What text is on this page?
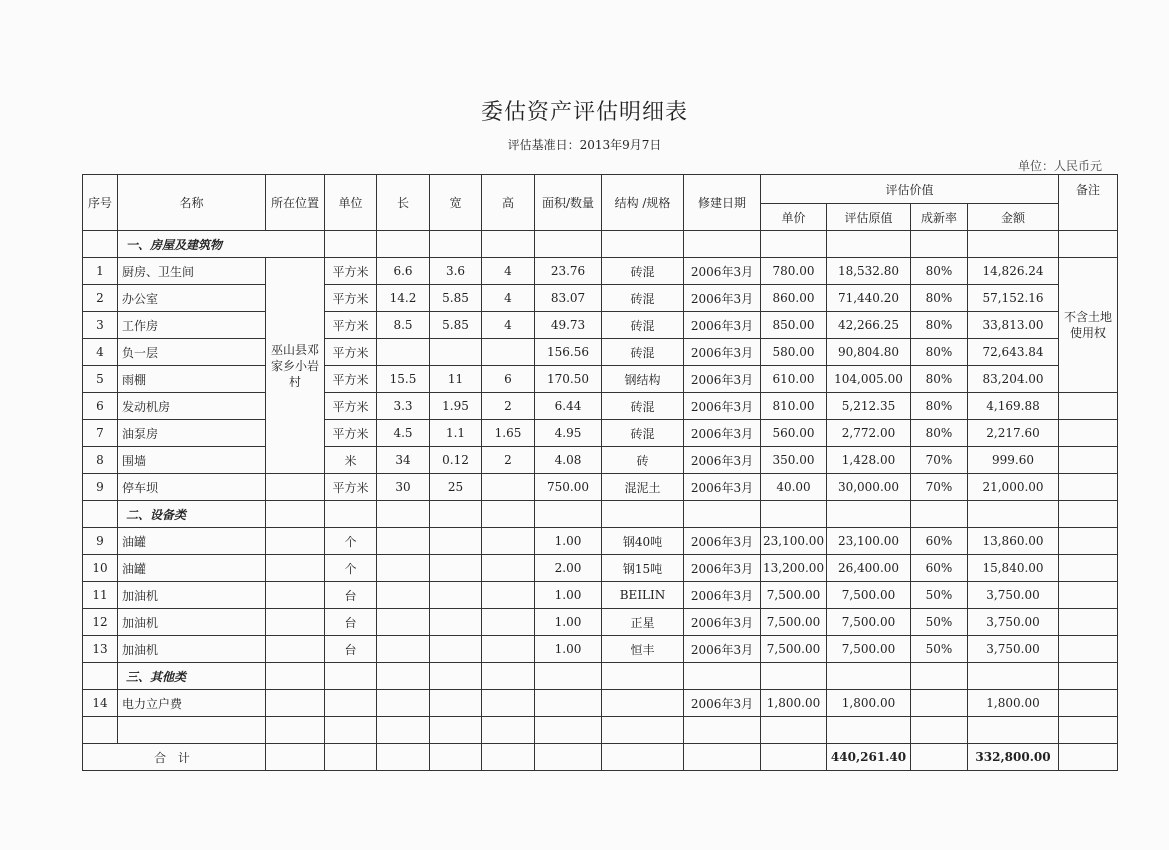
委估资产评估明细表
评估基准日：2013年9月7日
单位：人民币元
序号	名称	所在位置	单位	长	宽	高	面积/数量	结构 /规格	修建日期	评估价值				备注
										单价	评估原值	成新率	金额	
	一、房屋及建筑物													
1	厨房、卫生间	巫山县邓家乡小岩村	平方米	6.6	3.6	4	23.76	砖混	2006年3月	780.00	18,532.80	80%	14,826.24	不含土地使用权
2	办公室		平方米	14.2	5.85	4	83.07	砖混	2006年3月	860.00	71,440.20	80%	57,152.16	
3	工作房		平方米	8.5	5.85	4	49.73	砖混	2006年3月	850.00	42,266.25	80%	33,813.00	
4	负一层		平方米				156.56	砖混	2006年3月	580.00	90,804.80	80%	72,643.84	
5	雨棚		平方米	15.5	11	6	170.50	钢结构	2006年3月	610.00	104,005.00	80%	83,204.00	
6	发动机房		平方米	3.3	1.95	2	6.44	砖混	2006年3月	810.00	5,212.35	80%	4,169.88	
7	油泵房		平方米	4.5	1.1	1.65	4.95	砖混	2006年3月	560.00	2,772.00	80%	2,217.60	
8	围墙		米	34	0.12	2	4.08	砖	2006年3月	350.00	1,428.00	70%	999.60	
9	停车坝		平方米	30	25		750.00	混泥土	2006年3月	40.00	30,000.00	70%	21,000.00	
	二、设备类													
9	油罐		个				1.00	钢40吨	2006年3月	23,100.00	23,100.00	60%	13,860.00	
10	油罐		个				2.00	钢15吨	2006年3月	13,200.00	26,400.00	60%	15,840.00	
11	加油机		台				1.00	BEILIN	2006年3月	7,500.00	7,500.00	50%	3,750.00	
12	加油机		台				1.00	正星	2006年3月	7,500.00	7,500.00	50%	3,750.00	
13	加油机		台				1.00	恒丰	2006年3月	7,500.00	7,500.00	50%	3,750.00	
	三、其他类													
14	电力立户费								2006年3月	1,800.00	1,800.00		1,800.00	

合 计											440,261.40		332,800.00	
